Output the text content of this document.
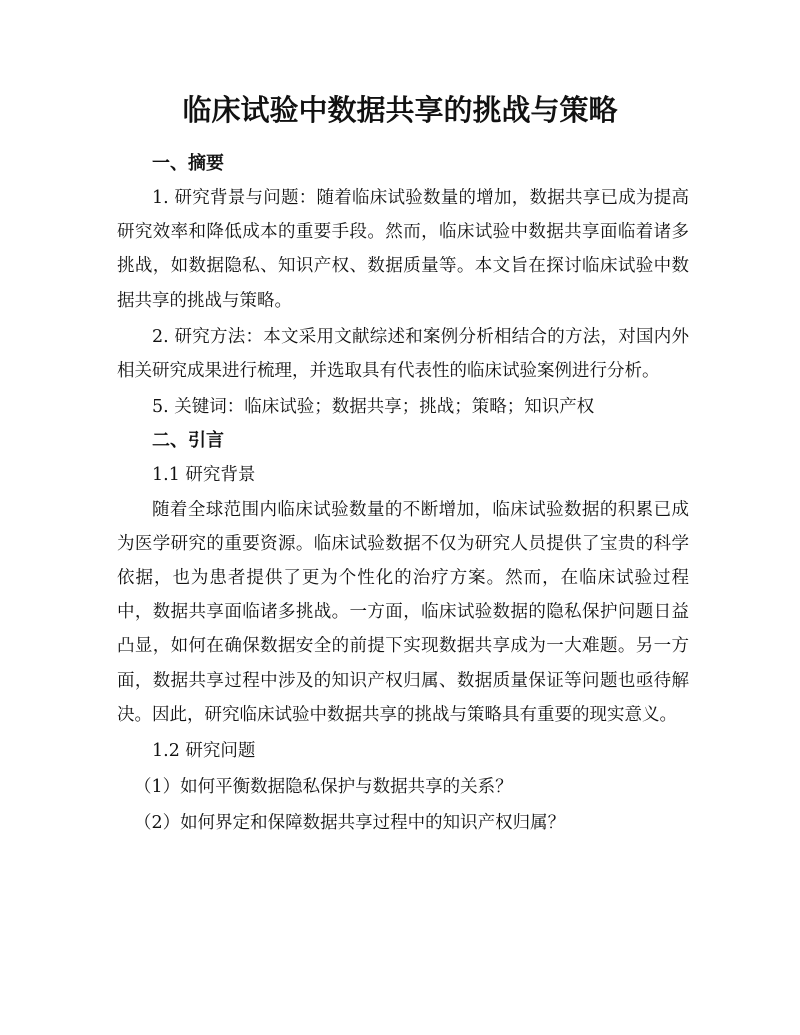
临床试验中数据共享的挑战与策略
一、摘要

1. 研究背景与问题：随着临床试验数量的增加，数据共享已成为提高研究效率和降低成本的重要手段。然而，临床试验中数据共享面临着诸多挑战，如数据隐私、知识产权、数据质量等。本文旨在探讨临床试验中数据共享的挑战与策略。

2. 研究方法：本文采用文献综述和案例分析相结合的方法，对国内外相关研究成果进行梳理，并选取具有代表性的临床试验案例进行分析。

5. 关键词：临床试验；数据共享；挑战；策略；知识产权

二、引言

1.1 研究背景

随着全球范围内临床试验数量的不断增加，临床试验数据的积累已成为医学研究的重要资源。临床试验数据不仅为研究人员提供了宝贵的科学依据，也为患者提供了更为个性化的治疗方案。然而，在临床试验过程中，数据共享面临诸多挑战。一方面，临床试验数据的隐私保护问题日益凸显，如何在确保数据安全的前提下实现数据共享成为一大难题。另一方面，数据共享过程中涉及的知识产权归属、数据质量保证等问题也亟待解决。因此，研究临床试验中数据共享的挑战与策略具有重要的现实意义。

1.2 研究问题

（1）如何平衡数据隐私保护与数据共享的关系？

（2）如何界定和保障数据共享过程中的知识产权归属？
